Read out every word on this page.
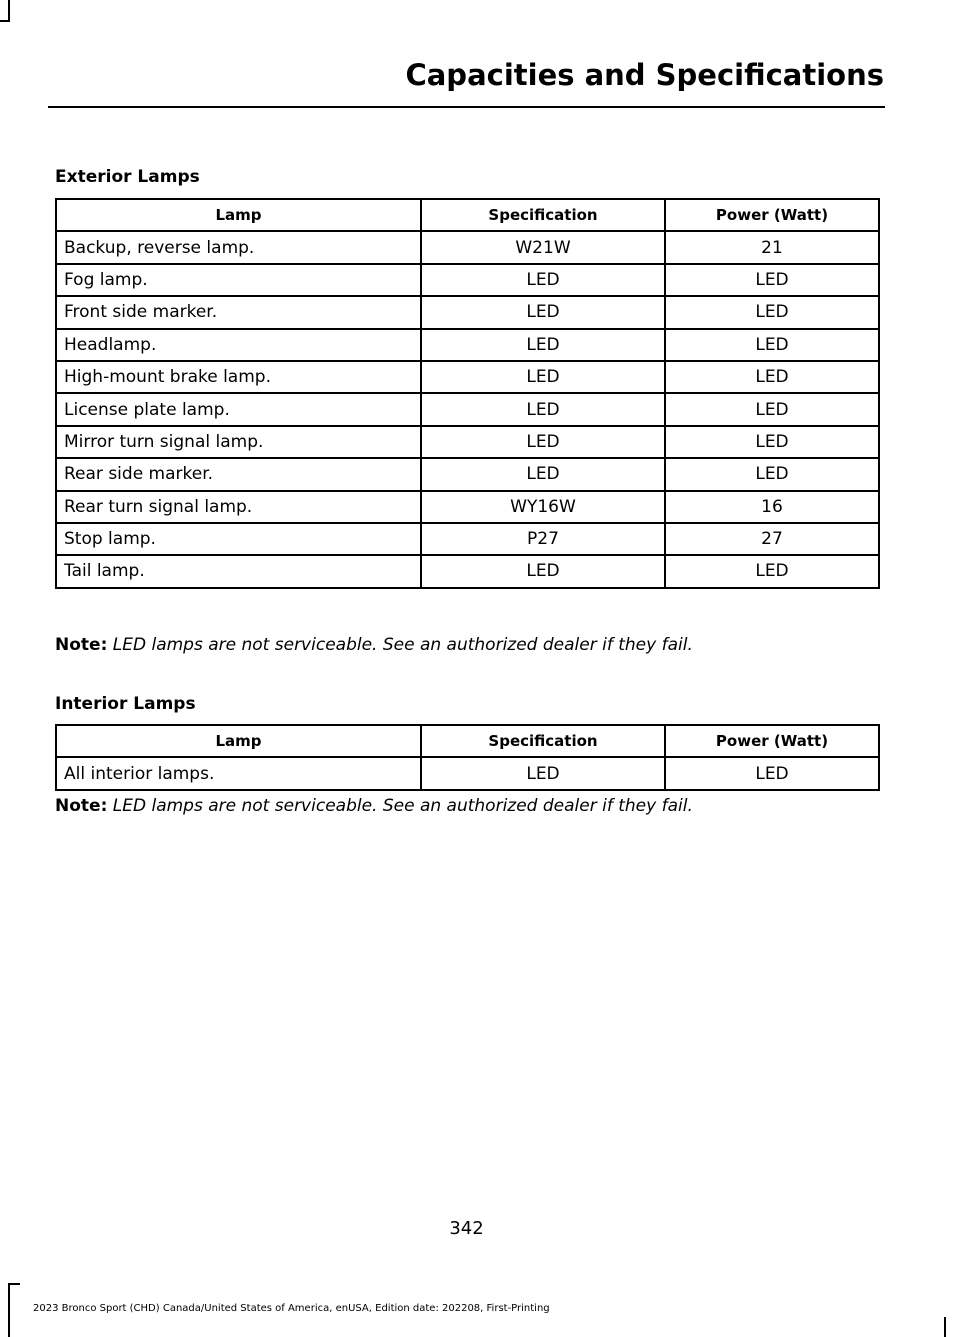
Capacities and Specifications
Exterior Lamps
Lamp	Specification	Power (Watt)
Backup, reverse lamp.	W21W	21
Fog lamp.	LED	LED
Front side marker.	LED	LED
Headlamp.	LED	LED
High-mount brake lamp.	LED	LED
License plate lamp.	LED	LED
Mirror turn signal lamp.	LED	LED
Rear side marker.	LED	LED
Rear turn signal lamp.	WY16W	16
Stop lamp.	P27	27
Tail lamp.	LED	LED
Note: LED lamps are not serviceable. See an authorized dealer if they fail.
Interior Lamps
Lamp	Specification	Power (Watt)
All interior lamps.	LED	LED
Note: LED lamps are not serviceable. See an authorized dealer if they fail.
342
2023 Bronco Sport (CHD) Canada/United States of America, enUSA, Edition date: 202208, First-Printing
